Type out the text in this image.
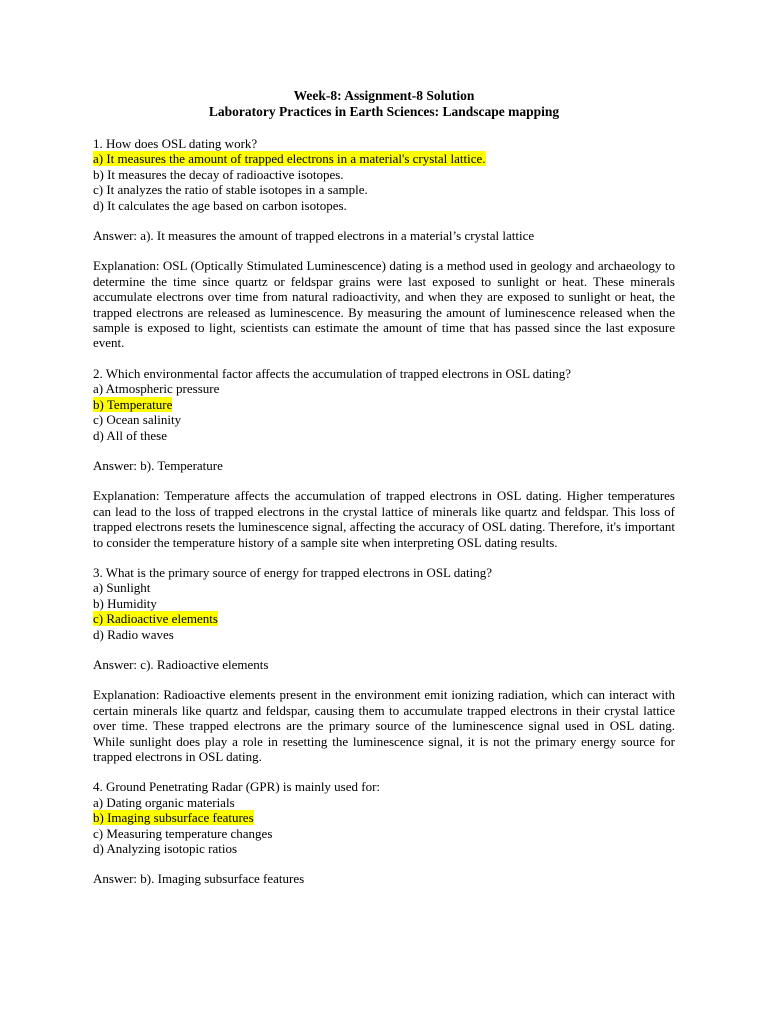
Week-8: Assignment-8 Solution
Laboratory Practices in Earth Sciences: Landscape mapping
1. How does OSL dating work?
a) It measures the amount of trapped electrons in a material's crystal lattice.
b) It measures the decay of radioactive isotopes.
c) It analyzes the ratio of stable isotopes in a sample.
d) It calculates the age based on carbon isotopes.
Answer: a). It measures the amount of trapped electrons in a material’s crystal lattice
Explanation: OSL (Optically Stimulated Luminescence) dating is a method used in geology and archaeology to determine the time since quartz or feldspar grains were last exposed to sunlight or heat. These minerals accumulate electrons over time from natural radioactivity, and when they are exposed to sunlight or heat, the trapped electrons are released as luminescence. By measuring the amount of luminescence released when the sample is exposed to light, scientists can estimate the amount of time that has passed since the last exposure event.
2. Which environmental factor affects the accumulation of trapped electrons in OSL dating?
a) Atmospheric pressure
b) Temperature
c) Ocean salinity
d) All of these
Answer: b). Temperature
Explanation: Temperature affects the accumulation of trapped electrons in OSL dating. Higher temperatures can lead to the loss of trapped electrons in the crystal lattice of minerals like quartz and feldspar. This loss of trapped electrons resets the luminescence signal, affecting the accuracy of OSL dating. Therefore, it's important to consider the temperature history of a sample site when interpreting OSL dating results.
3. What is the primary source of energy for trapped electrons in OSL dating?
a) Sunlight
b) Humidity
c) Radioactive elements
d) Radio waves
Answer: c). Radioactive elements
Explanation: Radioactive elements present in the environment emit ionizing radiation, which can interact with certain minerals like quartz and feldspar, causing them to accumulate trapped electrons in their crystal lattice over time. These trapped electrons are the primary source of the luminescence signal used in OSL dating. While sunlight does play a role in resetting the luminescence signal, it is not the primary energy source for trapped electrons in OSL dating.
4. Ground Penetrating Radar (GPR) is mainly used for:
a) Dating organic materials
b) Imaging subsurface features
c) Measuring temperature changes
d) Analyzing isotopic ratios
Answer: b). Imaging subsurface features
